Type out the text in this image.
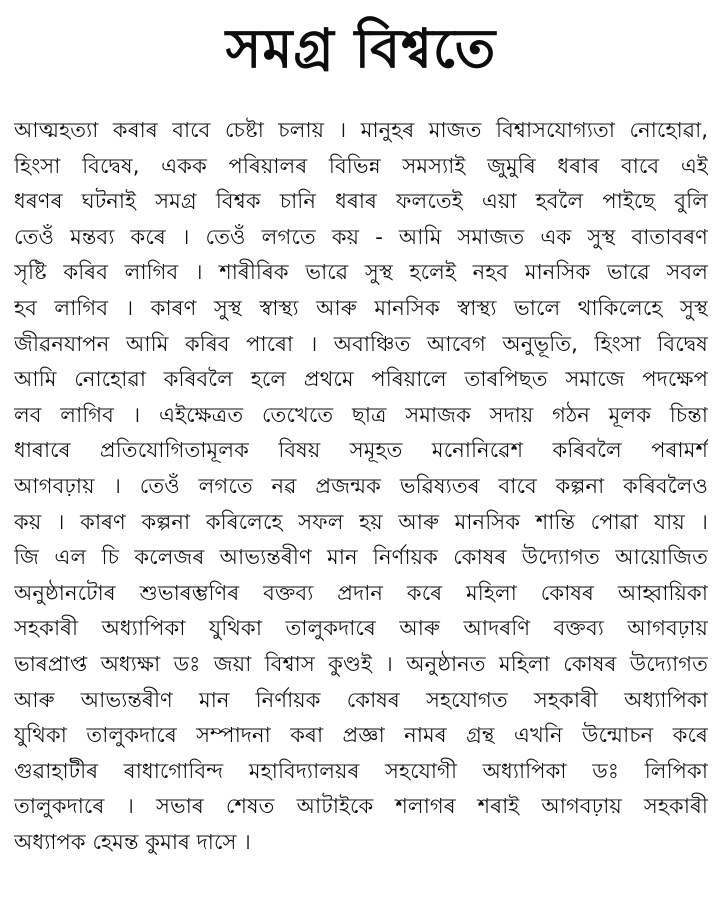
সমগ্ৰ বিশ্বতে
আত্মহত্যা কৰাৰ বাবে চেষ্টা চলায় । মানুহৰ মাজত বিশ্বাসযোগ্যতা নোহোৱা,
হিংসা বিদ্বেষ, একক পৰিয়ালৰ বিভিন্ন সমস্যাই জুমুৰি ধৰাৰ বাবে এই
ধৰণৰ ঘটনাই সমগ্ৰ বিশ্বক চানি ধৰাৰ ফলতেই এয়া হবলৈ পাইছে বুলি
তেওঁ মন্তব্য কৰে । তেওঁ লগতে কয় - আমি সমাজত এক সুস্থ বাতাবৰণ
সৃষ্টি কৰিব লাগিব । শাৰীৰিক ভাৱে সুস্থ হলেই নহব মানসিক ভাৱে সবল
হব লাগিব । কাৰণ সুস্থ স্বাস্থ্য আৰু মানসিক স্বাস্থ্য ভালে থাকিলেহে সুস্থ
জীৱনযাপন আমি কৰিব পাৰো । অবাঞ্চিত আবেগ অনুভূতি, হিংসা বিদ্বেষ
আমি নোহোৱা কৰিবলৈ হলে প্ৰথমে পৰিয়ালে তাৰপিছত সমাজে পদক্ষেপ
লব লাগিব । এইক্ষেত্ৰত তেখেতে ছাত্ৰ সমাজক সদায় গঠন মূলক চিন্তা
ধাৰাৰে প্ৰতিযোগিতামূলক বিষয় সমূহত মনোনিৱেশ কৰিবলৈ পৰামৰ্শ
আগবঢ়ায় । তেওঁ লগতে নৱ প্ৰজন্মক ভৱিষ্যতৰ বাবে কল্পনা কৰিবলৈও
কয় । কাৰণ কল্পনা কৰিলেহে সফল হয় আৰু মানসিক শান্তি পোৱা যায় ।
জি এল চি কলেজৰ আভ্যন্তৰীণ মান নিৰ্ণায়ক কোষৰ উদ্যোগত আয়োজিত
অনুষ্ঠানটোৰ শুভাৰম্ভণিৰ বক্তব্য প্ৰদান কৰে মহিলা কোষৰ আহ্বায়িকা
সহকাৰী অধ্যাপিকা যুথিকা তালুকদাৰে আৰু আদৰণি বক্তব্য আগবঢ়ায়
ভাৰপ্ৰাপ্ত অধ্যক্ষা ডঃ জয়া বিশ্বাস কুণ্ডই । অনুষ্ঠানত মহিলা কোষৰ উদ্যোগত
আৰু আভ্যন্তৰীণ মান নিৰ্ণায়ক কোষৰ সহযোগত সহকাৰী অধ্যাপিকা
যুথিকা তালুকদাৰে সম্পাদনা কৰা প্ৰজ্ঞা নামৰ গ্ৰন্থ এখনি উন্মোচন কৰে
গুৱাহাটীৰ ৰাধাগোবিন্দ মহাবিদ্যালয়ৰ সহযোগী অধ্যাপিকা ডঃ লিপিকা
তালুকদাৰে । সভাৰ শেষত আটাইকে শলাগৰ শৰাই আগবঢ়ায় সহকাৰী
অধ্যাপক হেমন্ত কুমাৰ দাসে ।
